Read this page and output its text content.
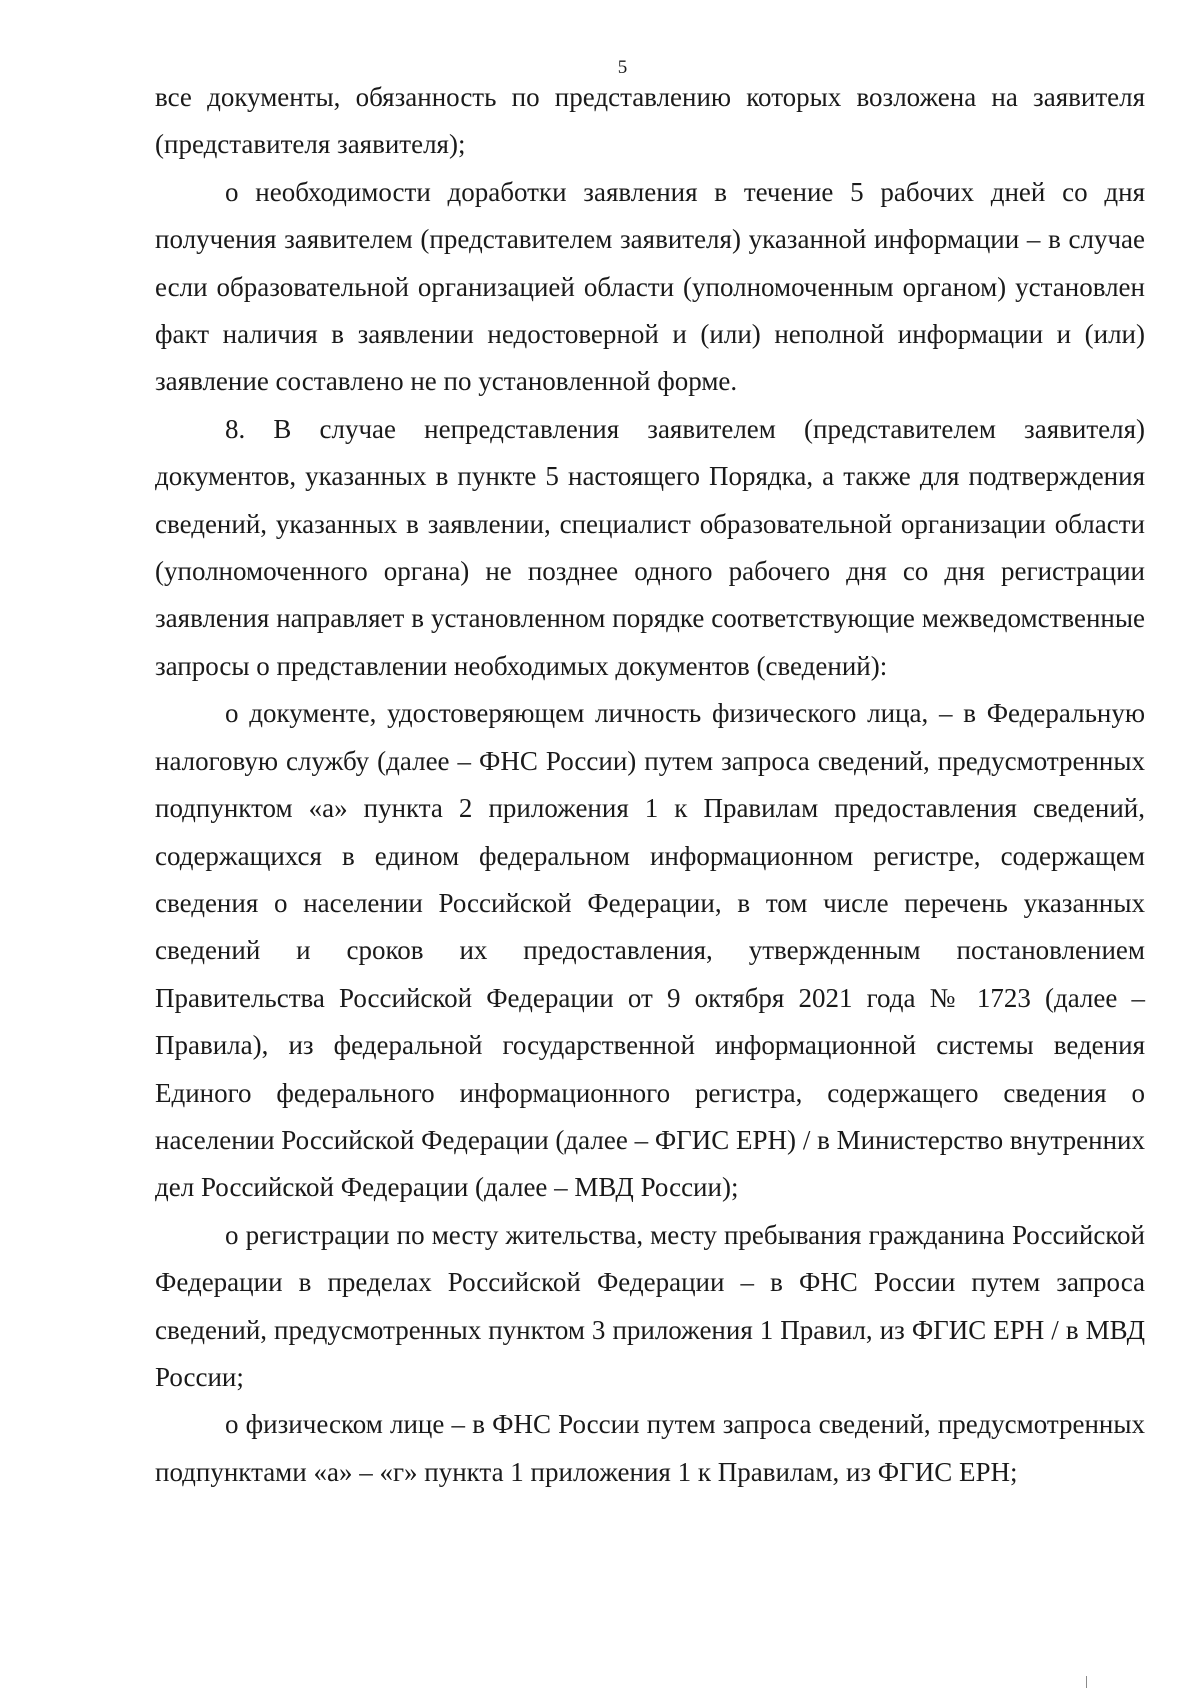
5

все документы, обязанность по представлению которых возложена на заявителя (представителя заявителя);

о необходимости доработки заявления в течение 5 рабочих дней со дня получения заявителем (представителем заявителя) указанной информации – в случае если образовательной организацией области (уполномоченным органом) установлен факт наличия в заявлении недостоверной и (или) неполной информации и (или) заявление составлено не по установленной форме.

8. В случае непредставления заявителем (представителем заявителя) документов, указанных в пункте 5 настоящего Порядка, а также для подтверждения сведений, указанных в заявлении, специалист образовательной организации области (уполномоченного органа) не позднее одного рабочего дня со дня регистрации заявления направляет в установленном порядке соответствующие межведомственные запросы о представлении необходимых документов (сведений):

о документе, удостоверяющем личность физического лица, – в Федеральную налоговую службу (далее – ФНС России) путем запроса сведений, предусмотренных подпунктом «а» пункта 2 приложения 1 к Правилам предоставления сведений, содержащихся в едином федеральном информационном регистре, содержащем сведения о населении Российской Федерации, в том числе перечень указанных сведений и сроков их предоставления, утвержденным постановлением Правительства Российской Федерации от 9 октября 2021 года № 1723 (далее – Правила), из федеральной государственной информационной системы ведения Единого федерального информационного регистра, содержащего сведения о населении Российской Федерации (далее – ФГИС ЕРН) / в Министерство внутренних дел Российской Федерации (далее – МВД России);

о регистрации по месту жительства, месту пребывания гражданина Российской Федерации в пределах Российской Федерации – в ФНС России путем запроса сведений, предусмотренных пунктом 3 приложения 1 Правил, из ФГИС ЕРН / в МВД России;

о физическом лице – в ФНС России путем запроса сведений, предусмотренных подпунктами «а» – «г» пункта 1 приложения 1 к Правилам, из ФГИС ЕРН;
